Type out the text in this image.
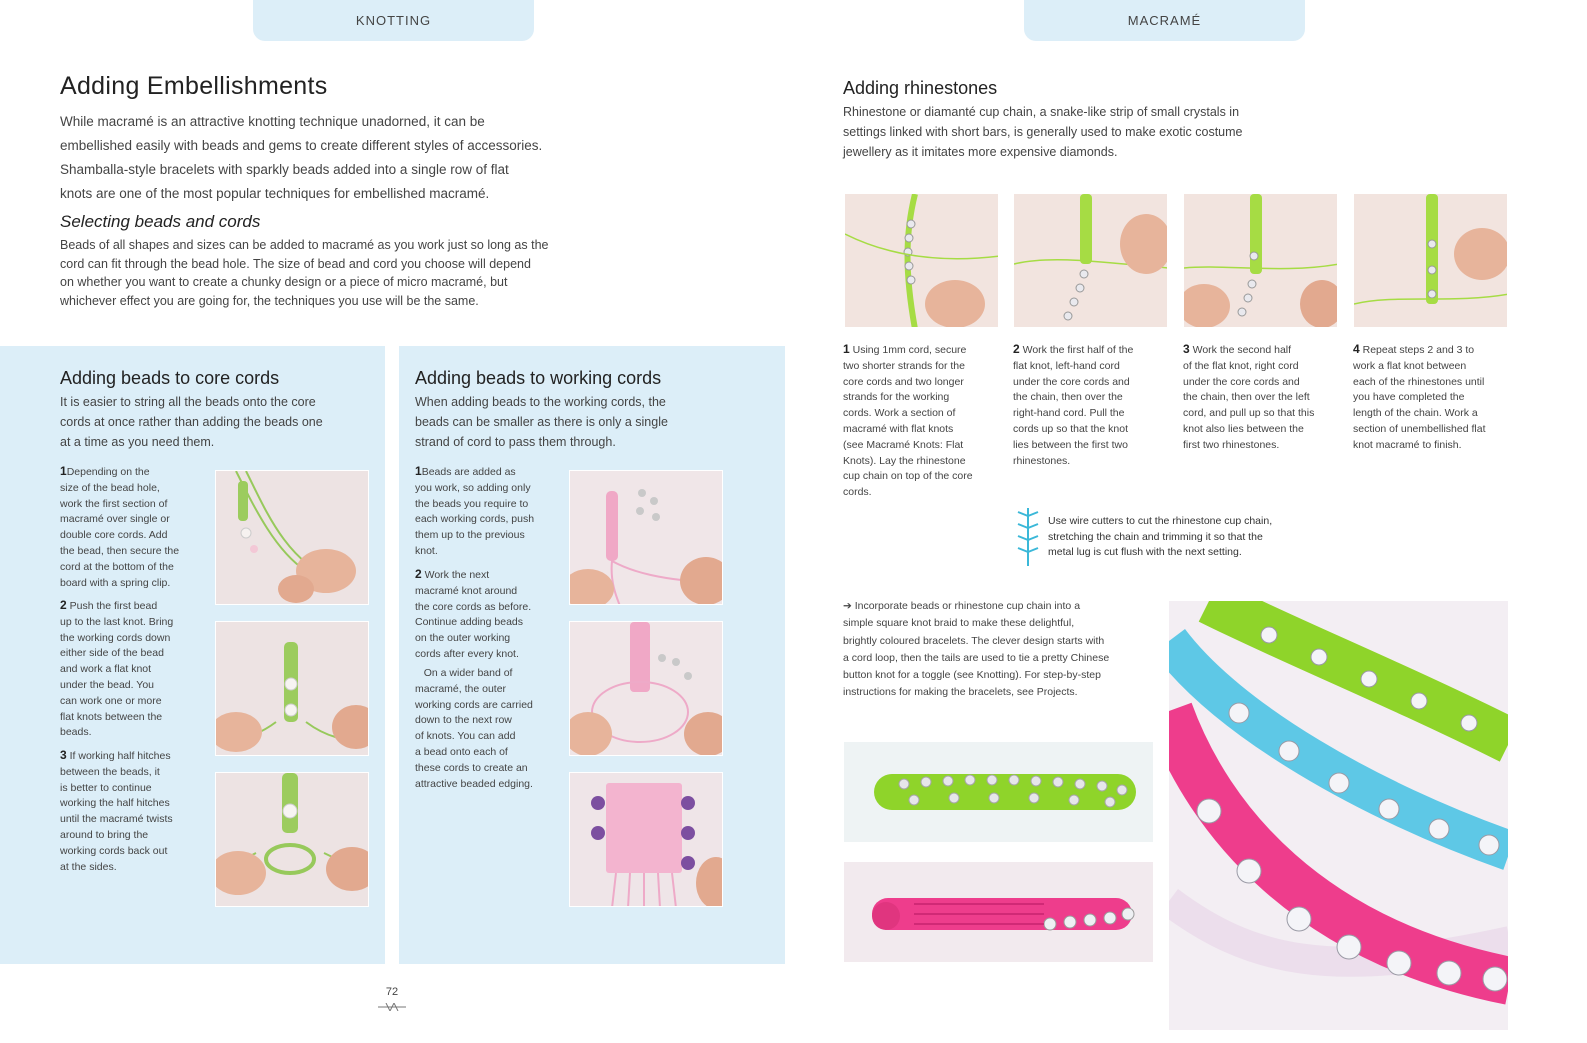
KNOTTING	MACRAMÉ
Adding Embellishments
While macramé is an attractive knotting technique unadorned, it can be
embellished easily with beads and gems to create different styles of accessories.
Shamballa-style bracelets with sparkly beads added into a single row of flat
knots are one of the most popular techniques for embellished macramé.
Selecting beads and cords
Beads of all shapes and sizes can be added to macramé as you work just so long as the
cord can fit through the bead hole. The size of bead and cord you choose will depend
on whether you want to create a chunky design or a piece of micro macramé, but
whichever effect you are going for, the techniques you use will be the same.
Adding beads to core cords
It is easier to string all the beads onto the core
cords at once rather than adding the beads one
at a time as you need them.
1Depending on the
size of the bead hole,
work the first section of
macramé over single or
double core cords. Add
the bead, then secure the
cord at the bottom of the
board with a spring clip.
2 Push the first bead
up to the last knot. Bring
the working cords down
either side of the bead
and work a flat knot
under the bead. You
can work one or more
flat knots between the
beads.
3 If working half hitches
between the beads, it
is better to continue
working the half hitches
until the macramé twists
around to bring the
working cords back out
at the sides.
Adding beads to working cords
When adding beads to the working cords, the
beads can be smaller as there is only a single
strand of cord to pass them through.
1Beads are added as
you work, so adding only
the beads you require to
each working cords, push
them up to the previous
knot.
2 Work the next
macramé knot around
the core cords as before.
Continue adding beads
on the outer working
cords after every knot.
On a wider band of
macramé, the outer
working cords are carried
down to the next row
of knots. You can add
a bead onto each of
these cords to create an
attractive beaded edging.
72
Adding rhinestones
Rhinestone or diamanté cup chain, a snake-like strip of small crystals in
settings linked with short bars, is generally used to make exotic costume
jewellery as it imitates more expensive diamonds.
1 Using 1mm cord, secure
two shorter strands for the
core cords and two longer
strands for the working
cords. Work a section of
macramé with flat knots
(see Macramé Knots: Flat
Knots). Lay the rhinestone
cup chain on top of the core
cords.
2 Work the first half of the
flat knot, left-hand cord
under the core cords and
the chain, then over the
right-hand cord. Pull the
cords up so that the knot
lies between the first two
rhinestones.
3 Work the second half
of the flat knot, right cord
under the core cords and
the chain, then over the left
cord, and pull up so that this
knot also lies between the
first two rhinestones.
4 Repeat steps 2 and 3 to
work a flat knot between
each of the rhinestones until
you have completed the
length of the chain. Work a
section of unembellished flat
knot macramé to finish.
Use wire cutters to cut the rhinestone cup chain,
stretching the chain and trimming it so that the
metal lug is cut flush with the next setting.
➔ Incorporate beads or rhinestone cup chain into a
simple square knot braid to make these delightful,
brightly coloured bracelets. The clever design starts with
a cord loop, then the tails are used to tie a pretty Chinese
button knot for a toggle (see Knotting). For step-by-step
instructions for making the bracelets, see Projects.
